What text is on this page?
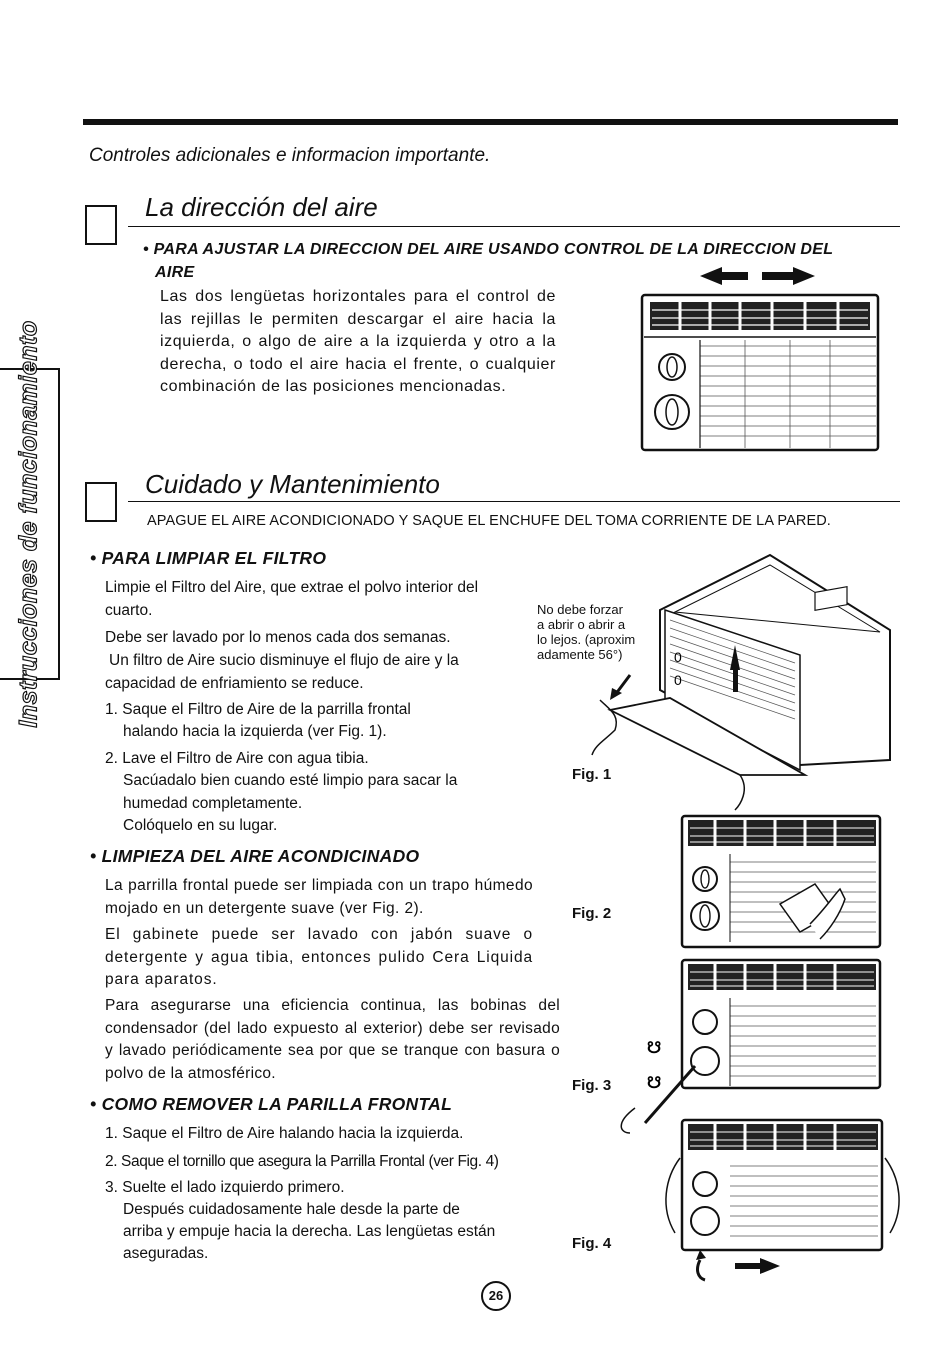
Controles adicionales e informacion importante.
Instrucciones de funcionamiento
La dirección del aire
• PARA AJUSTAR LA DIRECCION DEL AIRE USANDO CONTROL DE LA DIRECCION DEL
AIRE
Las dos lengüetas horizontales para el control de las rejillas le permiten descargar el aire hacia la izquierda, o algo de aire a la izquierda y otro a la derecha, o todo el aire hacia el frente, o cualquier combinación de las posiciones mencionadas.
Cuidado y Mantenimiento
APAGUE EL AIRE ACONDICIONADO Y SAQUE EL ENCHUFE DEL TOMA CORRIENTE DE LA PARED.
• PARA LIMPIAR EL FILTRO
Limpie el Filtro del Aire, que extrae el polvo interior del cuarto.
Debe ser lavado por lo menos cada dos semanas.
Un filtro de Aire sucio disminuye el flujo de aire y la capacidad de enfriamiento se reduce.
1. Saque el Filtro de Aire de la parrilla frontal
halando hacia la izquierda (ver Fig. 1).
2. Lave el Filtro de Aire con agua tibia.
Sacúadalo bien cuando esté limpio para sacar la
humedad completamente.
Colóquelo en su lugar.
• LIMPIEZA DEL AIRE ACONDICINADO
La parrilla frontal puede ser limpiada con un trapo húmedo mojado en un detergente suave (ver Fig. 2).
El gabinete puede ser lavado con jabón suave o detergente y agua tibia, entonces pulido Cera Liquida para aparatos.
Para asegurarse una eficiencia continua, las bobinas del condensador (del lado expuesto al exterior) debe ser revisado y lavado periódicamente sea por que se tranque con basura o polvo de la atmosférico.
• COMO REMOVER LA PARILLA FRONTAL
1. Saque el Filtro de Aire halando hacia la izquierda.
2. Saque el tornillo que asegura la Parrilla Frontal (ver Fig. 4)
3. Suelte el lado izquierdo primero.
Después cuidadosamente hale desde la parte de
arriba y empuje hacia la derecha. Las lengüetas están
aseguradas.
No debe forzar
a abrir o abrir a
lo lejos. (aproxim
adamente 56°)
Fig. 1
Fig. 2
Fig. 3
Fig. 4
0
0
☋
☋
26
